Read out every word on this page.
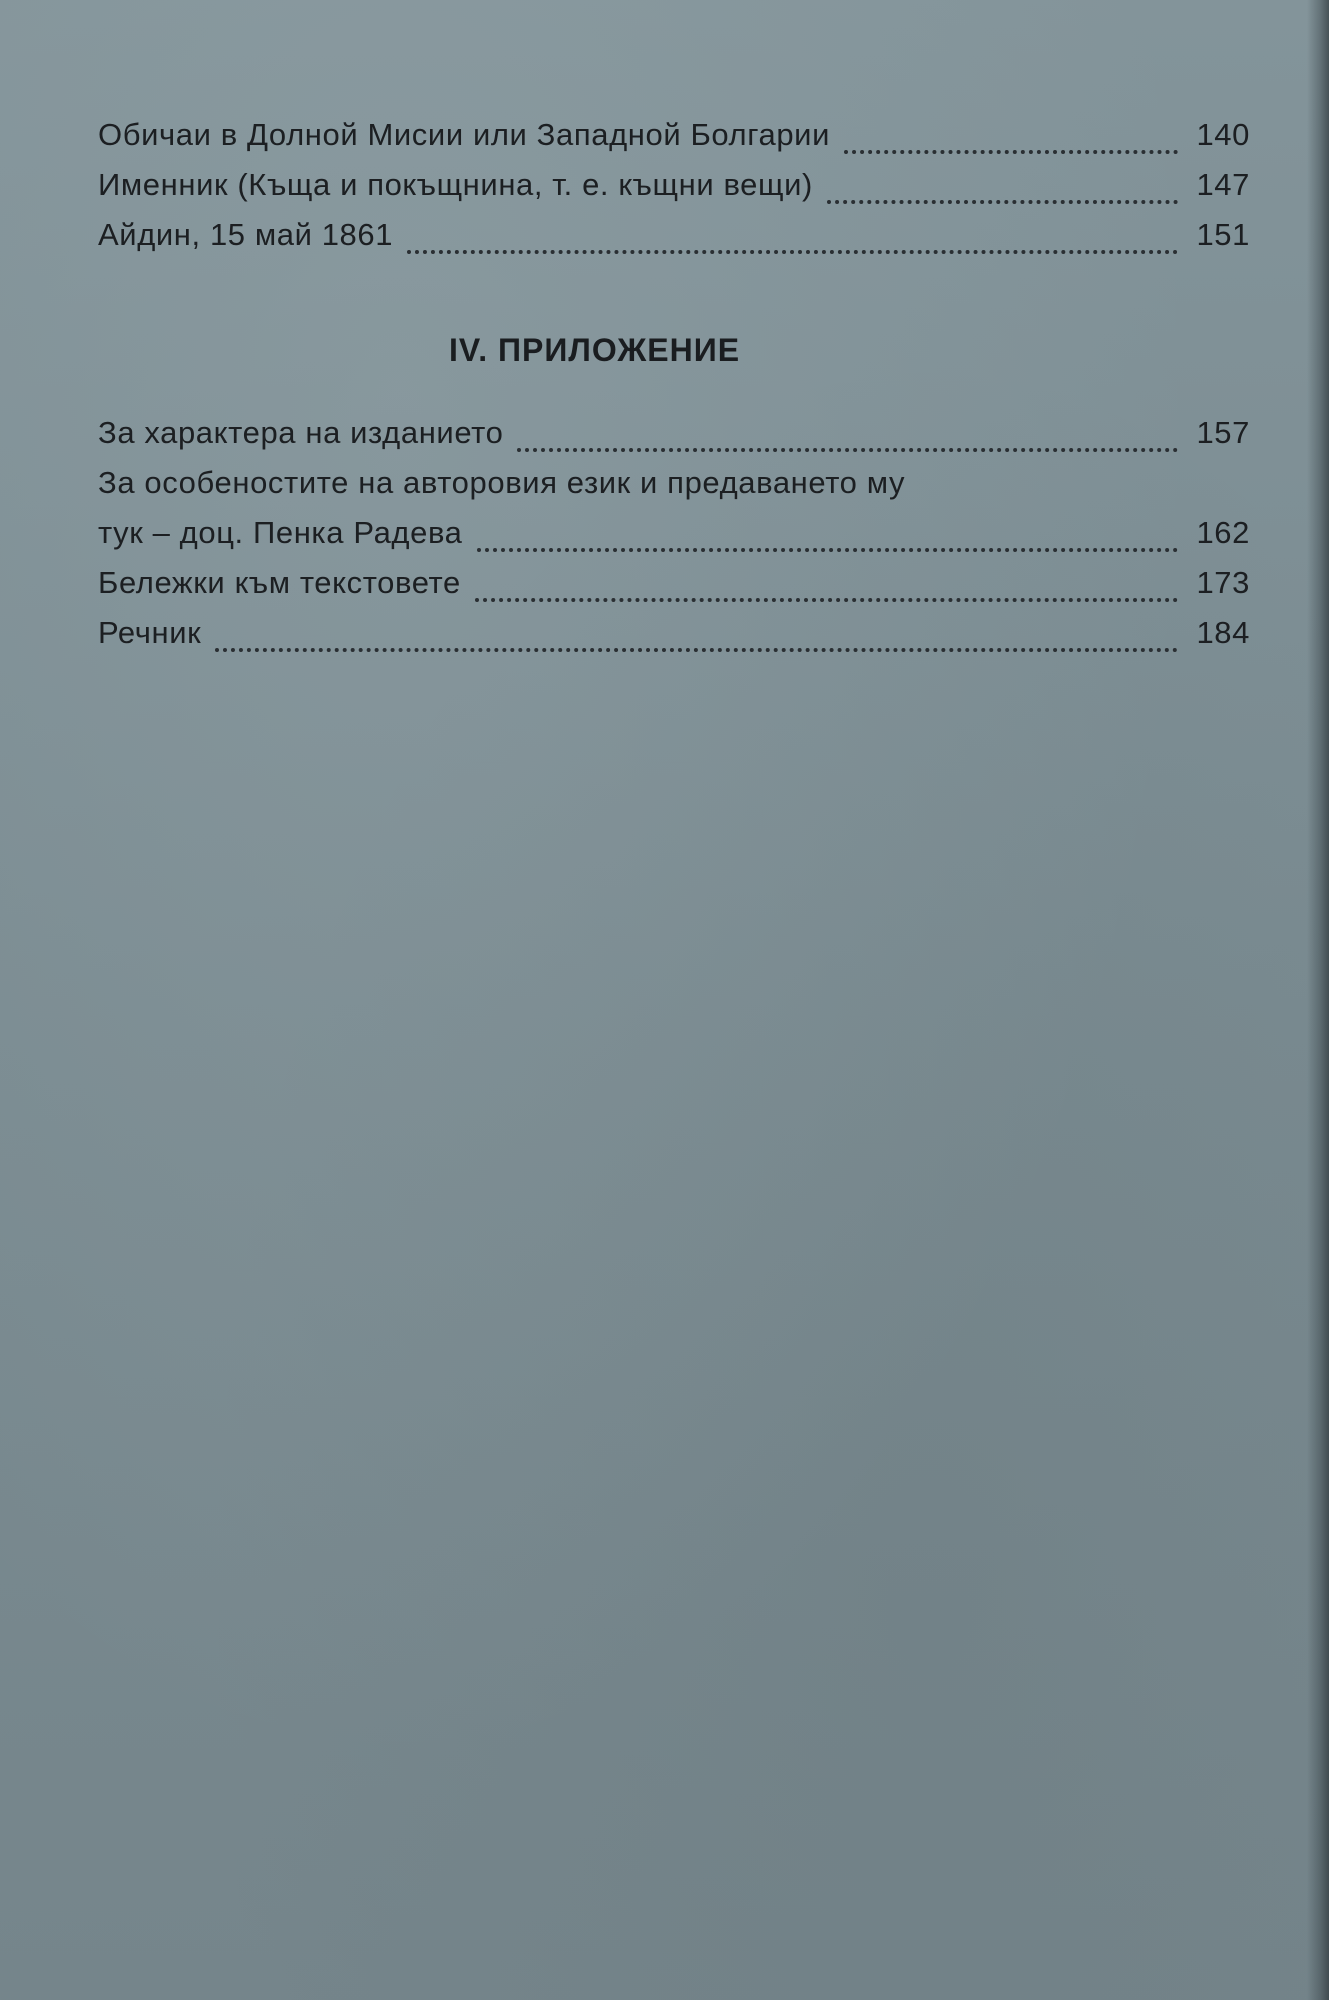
Обичаи в Долной Мисии или Западной Болгарии	140
Именник (Къща и покъщнина, т. е. къщни вещи)	147
Айдин, 15 май 1861	151
IV. ПРИЛОЖЕНИЕ
За характера на изданието	157
За особеностите на авторовия език и предаването му
тук – доц. Пенка Радева	162
Бележки към текстовете	173
Речник	184
